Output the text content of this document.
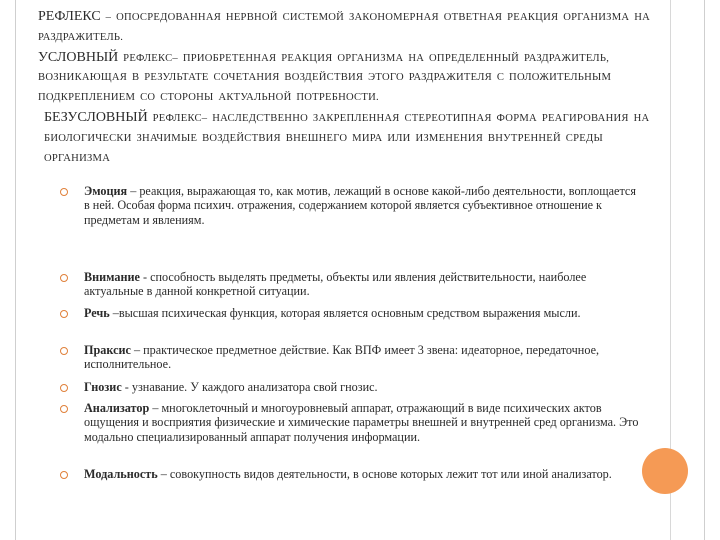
РЕФЛЕКС – ОПОСРЕДОВАННАЯ НЕРВНОЙ СИСТЕМОЙ ЗАКОНОМЕРНАЯ ОТВЕТНАЯ РЕАКЦИЯ ОРГАНИЗМА НА РАЗДРАЖИТЕЛЬ.

УСЛОВНЫЙ РЕФЛЕКС– ПРИОБРЕТЕННАЯ РЕАКЦИЯ ОРГАНИЗМА НА ОПРЕДЕЛЕННЫЙ РАЗДРАЖИТЕЛЬ, ВОЗНИКАЮЩАЯ В РЕЗУЛЬТАТЕ СОЧЕТАНИЯ ВОЗДЕЙСТВИЯ ЭТОГО РАЗДРАЖИТЕЛЯ С ПОЛОЖИТЕЛЬНЫМ ПОДКРЕПЛЕНИЕМ СО СТОРОНЫ АКТУАЛЬНОЙ ПОТРЕБНОСТИ.

БЕЗУСЛОВНЫЙ РЕФЛЕКС– НАСЛЕДСТВЕННО ЗАКРЕПЛЕННАЯ СТЕРЕОТИПНАЯ ФОРМА РЕАГИРОВАНИЯ НА БИОЛОГИЧЕСКИ ЗНАЧИМЫЕ ВОЗДЕЙСТВИЯ ВНЕШНЕГО МИРА ИЛИ ИЗМЕНЕНИЯ ВНУТРЕННЕЙ СРЕДЫ ОРГАНИЗМА

Эмоция – реакция, выражающая то, как мотив, лежащий в основе какой-либо деятельности, воплощается в ней. Особая форма психич. отражения, содержанием которой является субъективное отношение к предметам и явлениям.
Внимание - способность выделять предметы, объекты или явления действительности, наиболее актуальные в данной конкретной ситуации.
Речь –высшая психическая функция, которая является основным средством выражения мысли.
Праксис – практическое предметное действие. Как ВПФ имеет 3 звена: идеаторное, передаточное, исполнительное.
Гнозис - узнавание. У каждого анализатора свой гнозис.
Анализатор – многоклеточный и многоуровневый аппарат, отражающий в виде психических актов ощущения и восприятия физические и химические параметры внешней и внутренней сред организма. Это модально специализированный аппарат получения информации.
Модальность – совокупность видов деятельности, в основе которых лежит тот или иной анализатор.
